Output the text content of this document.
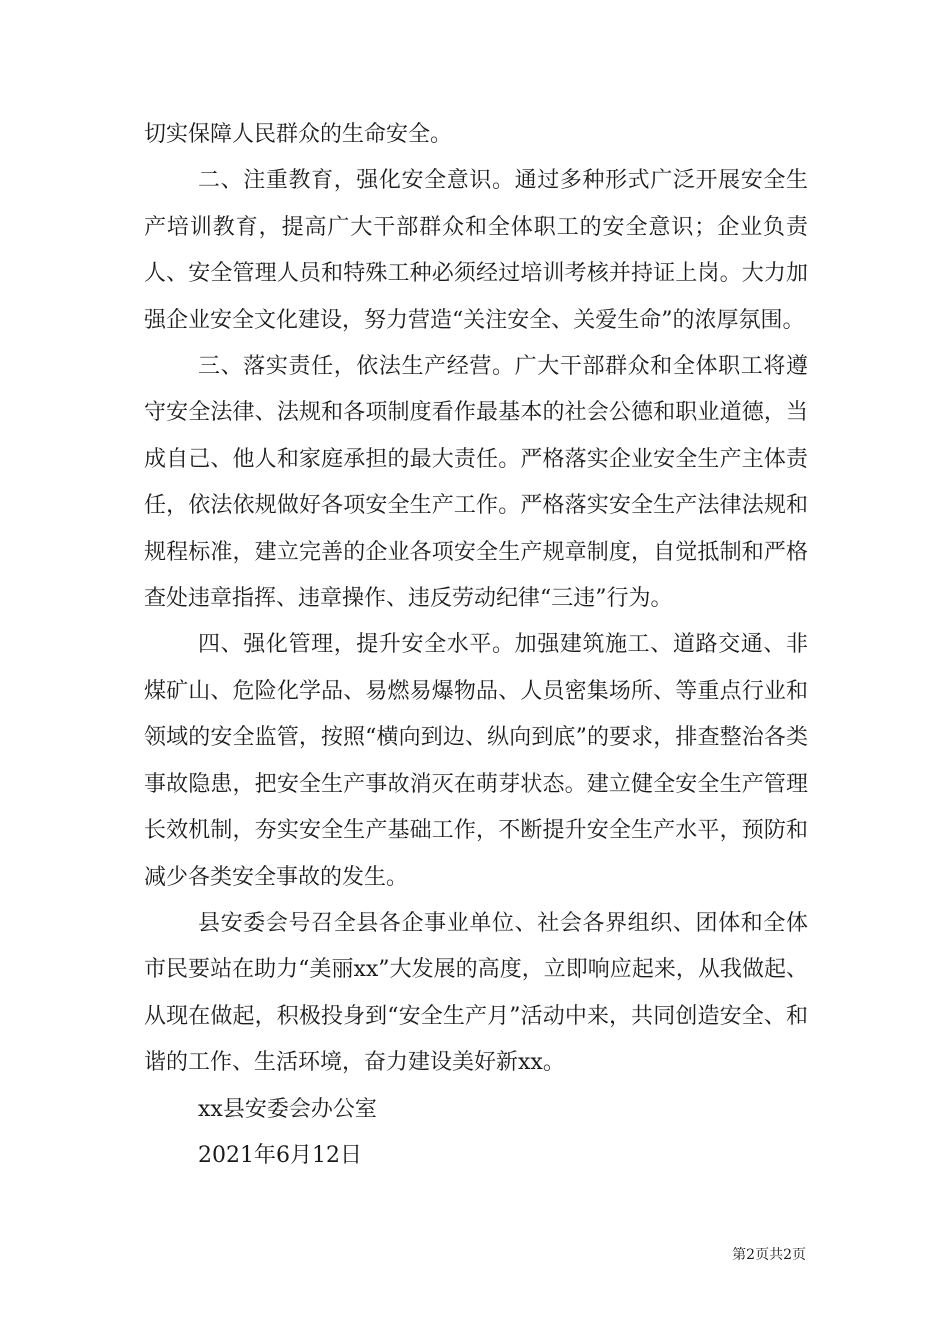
切实保障人民群众的生命安全。

二、注重教育，强化安全意识。通过多种形式广泛开展安全生产培训教育，提高广大干部群众和全体职工的安全意识；企业负责人、安全管理人员和特殊工种必须经过培训考核并持证上岗。大力加强企业安全文化建设，努力营造“关注安全、关爱生命”的浓厚氛围。

三、落实责任，依法生产经营。广大干部群众和全体职工将遵守安全法律、法规和各项制度看作最基本的社会公德和职业道德，当成自己、他人和家庭承担的最大责任。严格落实企业安全生产主体责任，依法依规做好各项安全生产工作。严格落实安全生产法律法规和规程标准，建立完善的企业各项安全生产规章制度，自觉抵制和严格查处违章指挥、违章操作、违反劳动纪律“三违”行为。

四、强化管理，提升安全水平。加强建筑施工、道路交通、非煤矿山、危险化学品、易燃易爆物品、人员密集场所、等重点行业和领域的安全监管，按照“横向到边、纵向到底”的要求，排查整治各类事故隐患，把安全生产事故消灭在萌芽状态。建立健全安全生产管理长效机制，夯实安全生产基础工作，不断提升安全生产水平，预防和减少各类安全事故的发生。

县安委会号召全县各企事业单位、社会各界组织、团体和全体市民要站在助力“美丽xx”大发展的高度，立即响应起来，从我做起、从现在做起，积极投身到“安全生产月”活动中来，共同创造安全、和谐的工作、生活环境，奋力建设美好新xx。

xx县安委会办公室

2021年6月12日

第2页共2页
